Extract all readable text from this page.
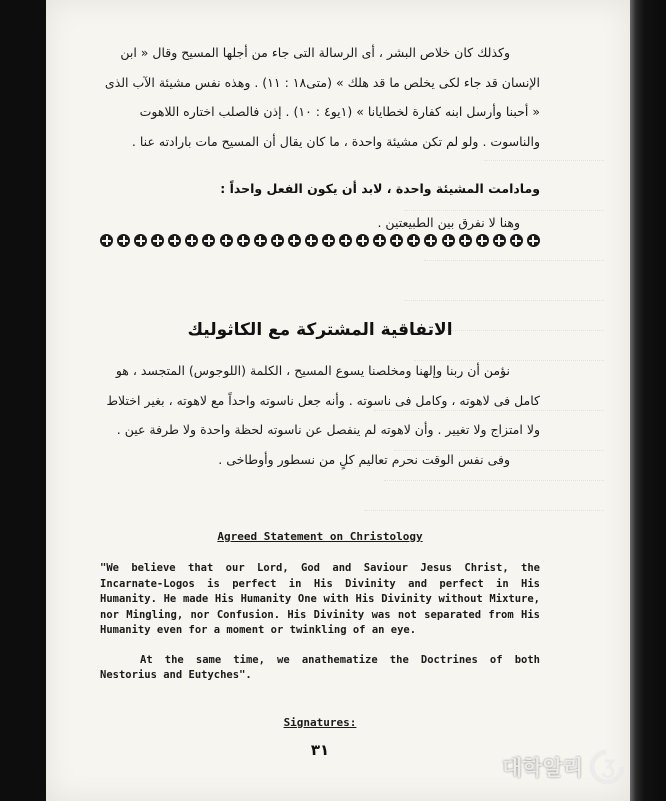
وكذلك كان خلاص البشر ، أى الرسالة التى جاء من أجلها المسيح وقال « ابن الإنسان قد جاء لكى يخلص ما قد هلك » (متى١٨ : ١١) . وهذه نفس مشيئة الآب الذى « أحبنا وأرسل ابنه كفارة لخطايانا » (١يو٤ : ١٠) . إذن فالصلب اختاره اللاهوت والناسوت . ولو لم تكن مشيئة واحدة ، ما كان يقال أن المسيح مات بارادته عنا .

ومادامت المشيئة واحدة ، لابد أن يكون الفعل واحداً :
وهنا لا نفرق بين الطبيعتين .
الاتفاقية المشتركة مع الكاثوليك

نؤمن أن ربنا وإلهنا ومخلصنا يسوع المسيح ، الكلمة (اللوجوس) المتجسد ، هو كامل فى لاهوته ، وكامل فى ناسوته . وأنه جعل ناسوته واحداً مع لاهوته ، بغير اختلاط ولا امتزاج ولا تغيير . وأن لاهوته لم ينفصل عن ناسوته لحظة واحدة ولا طرفة عين .

وفى نفس الوقت نحرم تعاليم كلٍ من نسطور وأوطاخى .

Agreed Statement on Christology

"We believe that our Lord, God and Saviour Jesus Christ, the Incarnate-Logos is perfect in His Divinity and perfect in His Humanity. He made His Humanity One with His Divinity without Mixture, nor Mingling, nor Confusion. His Divinity was not separated from His Humanity even for a moment or twinkling of an eye.

At the same time, we anathematize the Doctrines of both Nestorius and Eutyches".

Signatures:
٣١
대학알리
